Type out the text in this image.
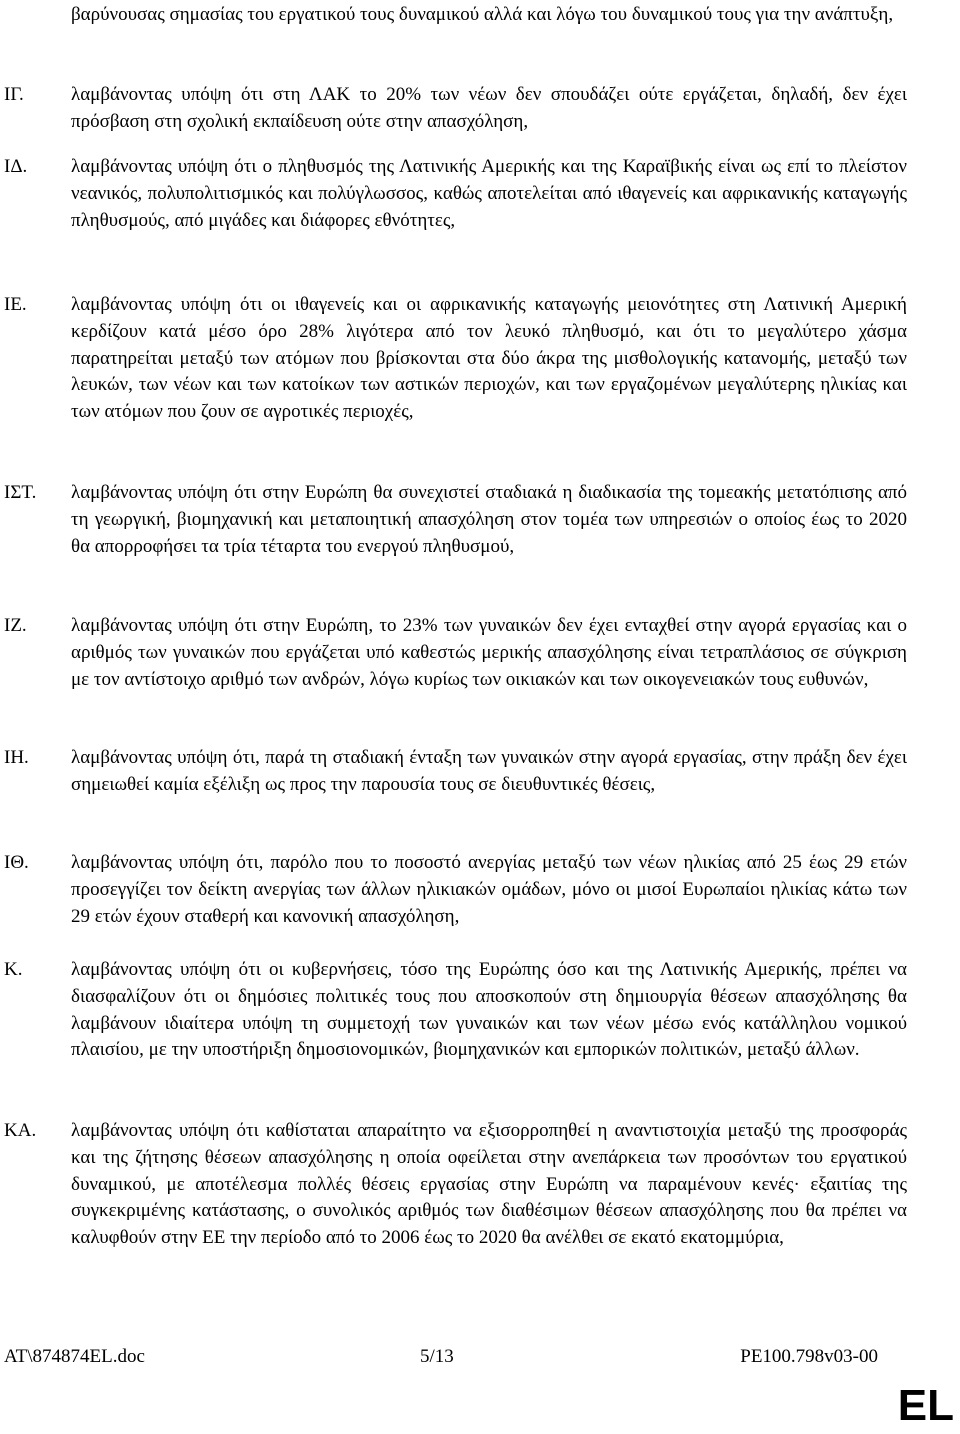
βαρύνουσας σημασίας του εργατικού τους δυναμικού αλλά και λόγω του δυναμικού τους για την ανάπτυξη,
ΙΓ. λαμβάνοντας υπόψη ότι στη ΛΑΚ το 20% των νέων δεν σπουδάζει ούτε εργάζεται, δηλαδή, δεν έχει πρόσβαση στη σχολική εκπαίδευση ούτε στην απασχόληση,
ΙΔ. λαμβάνοντας υπόψη ότι ο πληθυσμός της Λατινικής Αμερικής και της Καραϊβικής είναι ως επί το πλείστον νεανικός, πολυπολιτισμικός και πολύγλωσσος, καθώς αποτελείται από ιθαγενείς και αφρικανικής καταγωγής πληθυσμούς, από μιγάδες και διάφορες εθνότητες,
ΙΕ. λαμβάνοντας υπόψη ότι οι ιθαγενείς και οι αφρικανικής καταγωγής μειονότητες στη Λατινική Αμερική κερδίζουν κατά μέσο όρο 28% λιγότερα από τον λευκό πληθυσμό, και ότι το μεγαλύτερο χάσμα παρατηρείται μεταξύ των ατόμων που βρίσκονται στα δύο άκρα της μισθολογικής κατανομής, μεταξύ των λευκών, των νέων και των κατοίκων των αστικών περιοχών, και των εργαζομένων μεγαλύτερης ηλικίας και των ατόμων που ζουν σε αγροτικές περιοχές,
ΙΣΤ. λαμβάνοντας υπόψη ότι στην Ευρώπη θα συνεχιστεί σταδιακά η διαδικασία της τομεακής μετατόπισης από τη γεωργική, βιομηχανική και μεταποιητική απασχόληση στον τομέα των υπηρεσιών ο οποίος έως το 2020 θα απορροφήσει τα τρία τέταρτα του ενεργού πληθυσμού,
ΙΖ. λαμβάνοντας υπόψη ότι στην Ευρώπη, το 23% των γυναικών δεν έχει ενταχθεί στην αγορά εργασίας και ο αριθμός των γυναικών που εργάζεται υπό καθεστώς μερικής απασχόλησης είναι τετραπλάσιος σε σύγκριση με τον αντίστοιχο αριθμό των ανδρών, λόγω κυρίως των οικιακών και των οικογενειακών τους ευθυνών,
ΙΗ. λαμβάνοντας υπόψη ότι, παρά τη σταδιακή ένταξη των γυναικών στην αγορά εργασίας, στην πράξη δεν έχει σημειωθεί καμία εξέλιξη ως προς την παρουσία τους σε διευθυντικές θέσεις,
ΙΘ. λαμβάνοντας υπόψη ότι, παρόλο που το ποσοστό ανεργίας μεταξύ των νέων ηλικίας από 25 έως 29 ετών προσεγγίζει τον δείκτη ανεργίας των άλλων ηλικιακών ομάδων, μόνο οι μισοί Ευρωπαίοι ηλικίας κάτω των 29 ετών έχουν σταθερή και κανονική απασχόληση,
Κ.	λαμβάνοντας υπόψη ότι οι κυβερνήσεις, τόσο της Ευρώπης όσο και της Λατινικής Αμερικής, πρέπει να διασφαλίζουν ότι οι δημόσιες πολιτικές τους που αποσκοπούν στη δημιουργία θέσεων απασχόλησης θα λαμβάνουν ιδιαίτερα υπόψη τη συμμετοχή των γυναικών και των νέων μέσω ενός κατάλληλου νομικού πλαισίου, με την υποστήριξη δημοσιονομικών, βιομηχανικών και εμπορικών πολιτικών, μεταξύ άλλων.
ΚΑ. λαμβάνοντας υπόψη ότι καθίσταται απαραίτητο να εξισορροπηθεί η αναντιστοιχία μεταξύ της προσφοράς και της ζήτησης θέσεων απασχόλησης η οποία οφείλεται στην ανεπάρκεια των προσόντων του εργατικού δυναμικού, με αποτέλεσμα πολλές θέσεις εργασίας στην Ευρώπη να παραμένουν κενές· εξαιτίας της συγκεκριμένης κατάστασης, ο συνολικός αριθμός των διαθέσιμων θέσεων απασχόλησης που θα πρέπει να καλυφθούν στην ΕΕ την περίοδο από το 2006 έως το 2020 θα ανέλθει σε εκατό εκατομμύρια,
AT\874874EL.doc	5/13	PE100.798v03-00
EL
